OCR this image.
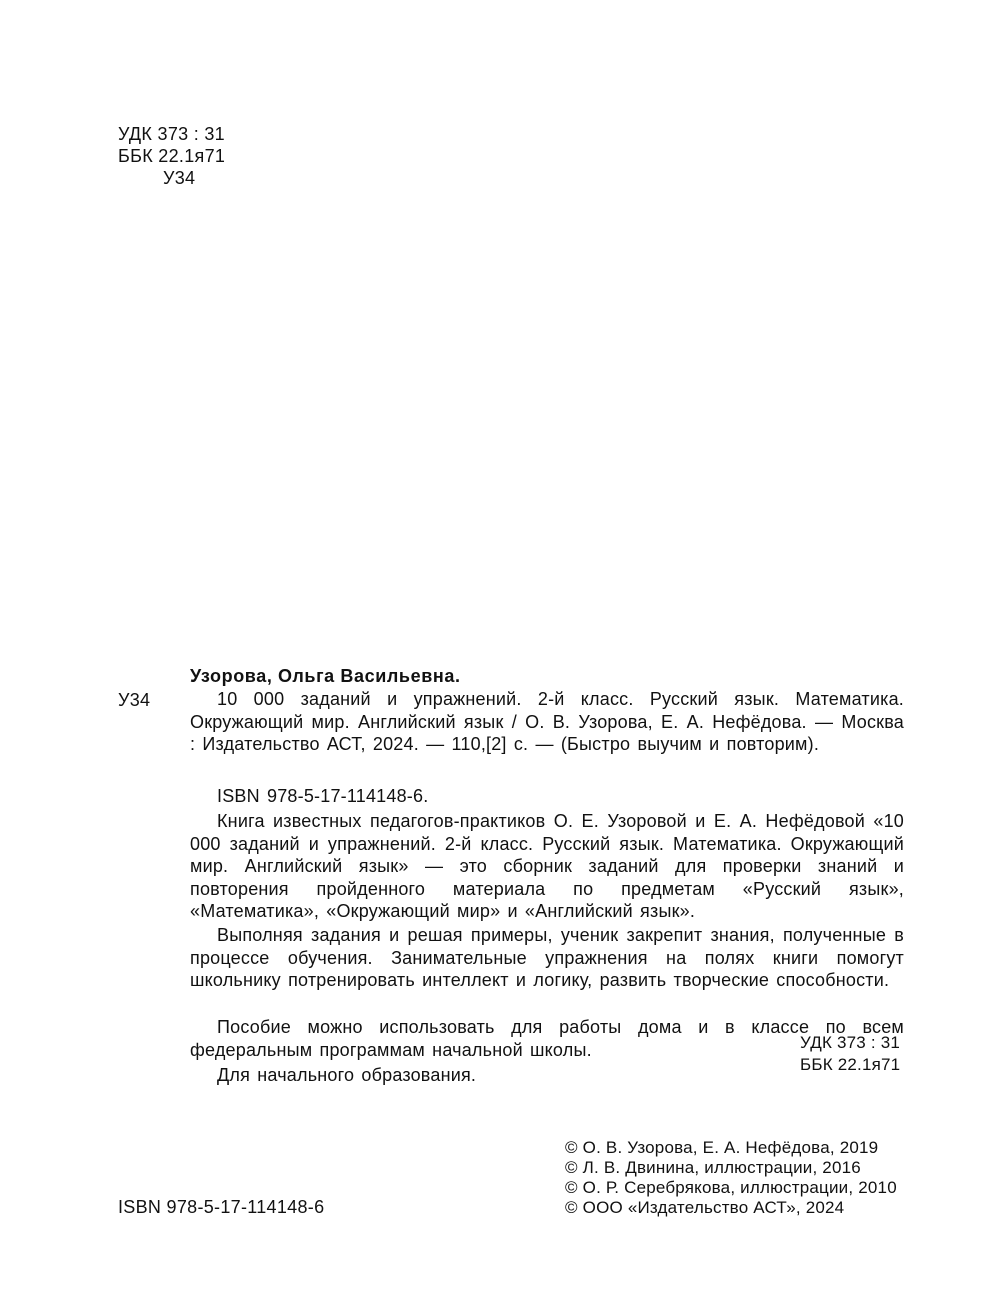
УДК 373 : 31
ББК 22.1я71
У34
Узорова, Ольга Васильевна.
У34	10 000 заданий и упражнений. 2-й класс. Русский язык. Математика. Окружающий мир. Английский язык / О. В. Узорова, Е. А. Нефёдова. — Москва : Издательство АСТ, 2024. — 110,[2] с. — (Быстро выучим и повторим).
ISBN 978-5-17-114148-6.
Книга известных педагогов-практиков О. Е. Узоровой и Е. А. Нефёдовой «10 000 заданий и упражнений. 2-й класс. Русский язык. Математика. Окружающий мир. Английский язык» — это сборник заданий для проверки знаний и повторения пройденного материала по предметам «Русский язык», «Математика», «Окружающий мир» и «Английский язык».
Выполняя задания и решая примеры, ученик закрепит знания, полученные в процессе обучения. Занимательные упражнения на полях книги помогут школьнику потренировать интеллект и логику, развить творческие способности.
Пособие можно использовать для работы дома и в классе по всем федеральным программам начальной школы.
Для начального образования.
УДК 373 : 31
ББК 22.1я71
© О. В. Узорова, Е. А. Нефёдова, 2019
© Л. В. Двинина, иллюстрации, 2016
© О. Р. Серебрякова, иллюстрации, 2010
© ООО «Издательство АСТ», 2024
ISBN 978-5-17-114148-6
